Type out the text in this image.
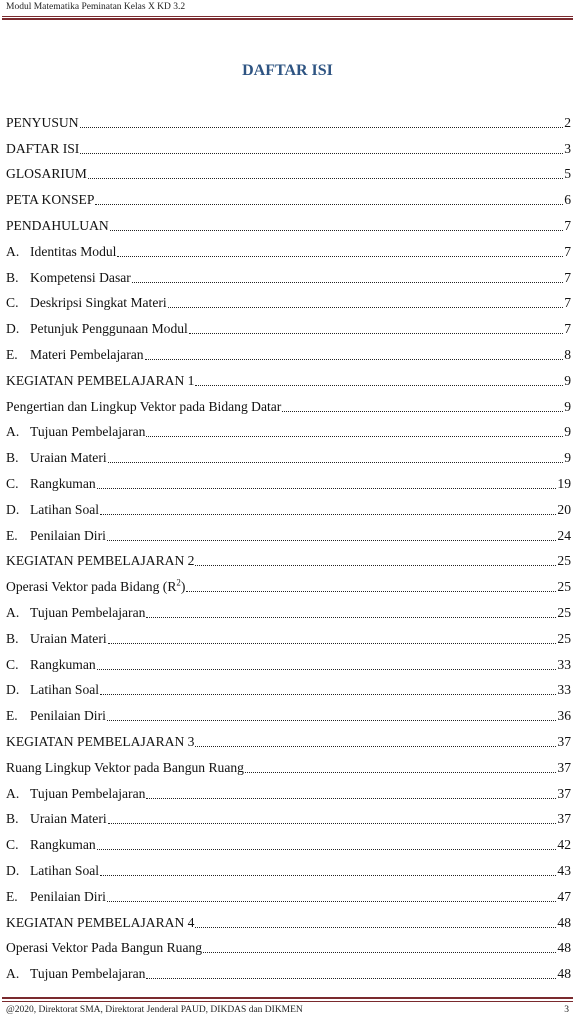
Modul Matematika Peminatan Kelas X KD 3.2
DAFTAR ISI
PENYUSUN	2
DAFTAR ISI	3
GLOSARIUM	5
PETA KONSEP	6
PENDAHULUAN	7
A. Identitas Modul	7
B. Kompetensi Dasar	7
C. Deskripsi Singkat Materi	7
D. Petunjuk Penggunaan Modul	7
E. Materi Pembelajaran	8
KEGIATAN PEMBELAJARAN 1	9
Pengertian dan Lingkup Vektor pada Bidang Datar	9
A. Tujuan Pembelajaran	9
B. Uraian Materi	9
C. Rangkuman	19
D. Latihan Soal	20
E. Penilaian Diri	24
KEGIATAN PEMBELAJARAN 2	25
Operasi Vektor pada Bidang $(R^2)$	25
A. Tujuan Pembelajaran	25
B. Uraian Materi	25
C. Rangkuman	33
D. Latihan Soal	33
E. Penilaian Diri	36
KEGIATAN PEMBELAJARAN 3	37
Ruang Lingkup Vektor pada Bangun Ruang	37
A. Tujuan Pembelajaran	37
B. Uraian Materi	37
C. Rangkuman	42
D. Latihan Soal	43
E. Penilaian Diri	47
KEGIATAN PEMBELAJARAN 4	48
Operasi Vektor Pada Bangun Ruang	48
A. Tujuan Pembelajaran	48
@2020, Direktorat SMA, Direktorat Jenderal PAUD, DIKDAS dan DIKMEN	3
